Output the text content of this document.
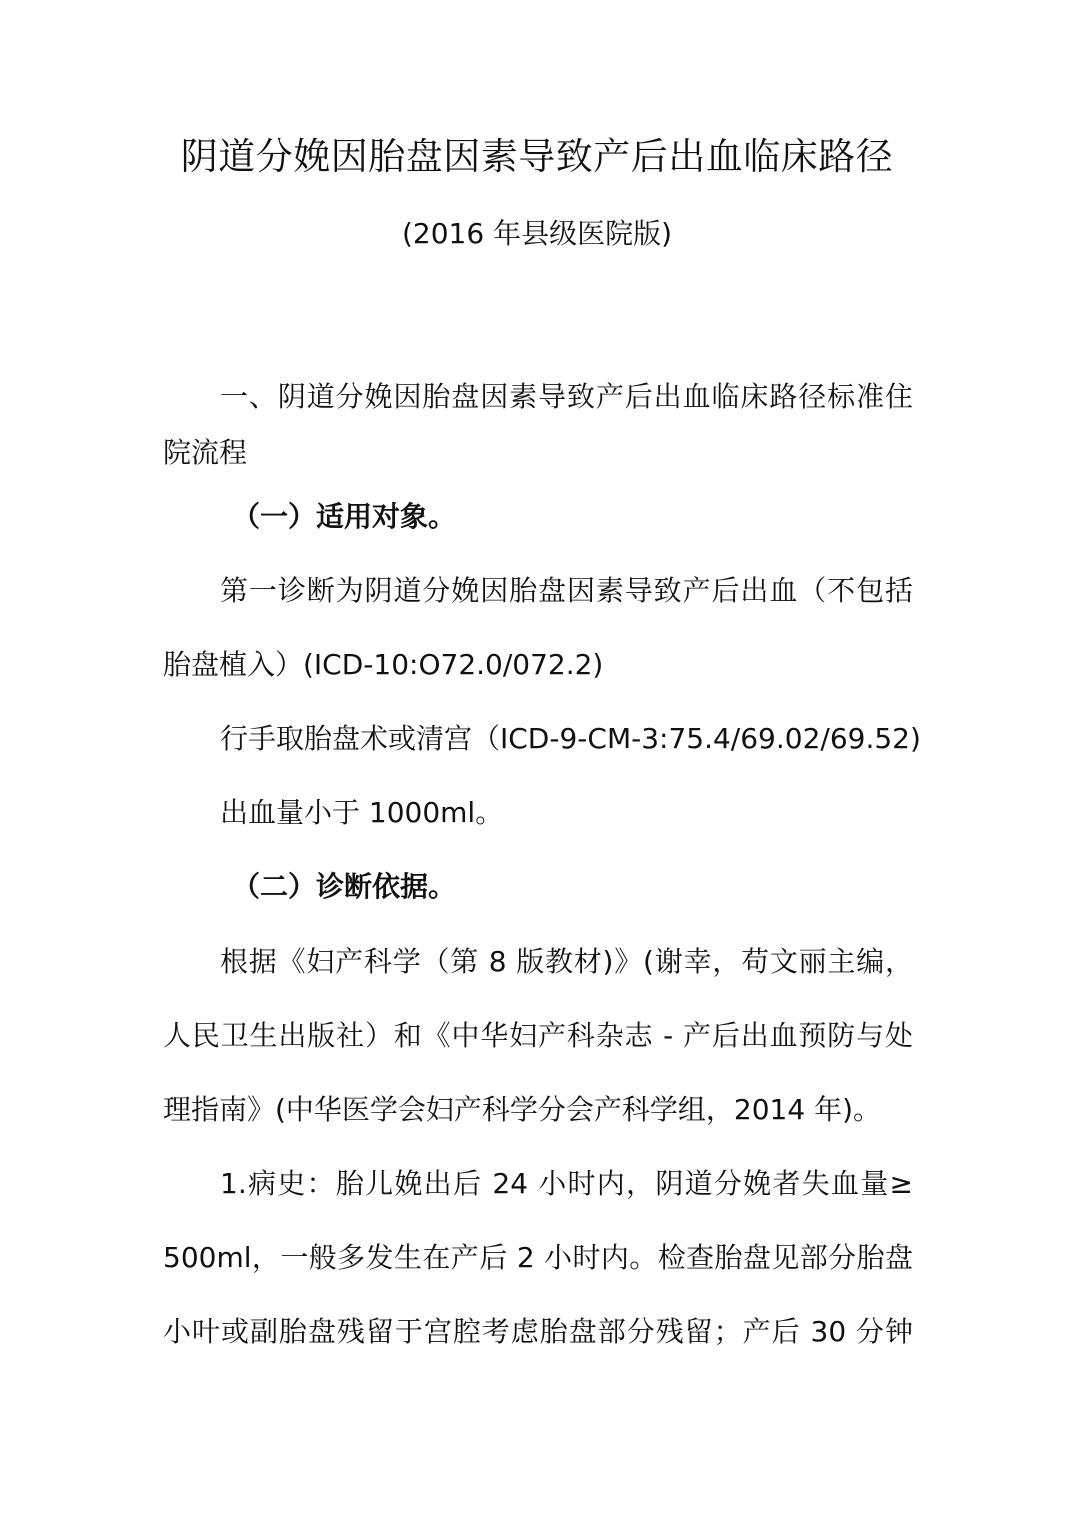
阴道分娩因胎盘因素导致产后出血临床路径
(2016 年县级医院版)
一、阴道分娩因胎盘因素导致产后出血临床路径标准住
院流程
（一）适用对象。
第一诊断为阴道分娩因胎盘因素导致产后出血（不包括
胎盘植入）(ICD-10:O72.0/072.2)
行手取胎盘术或清宫（ICD-9-CM-3:75.4/69.02/69.52)
出血量小于 1000ml。
（二）诊断依据。
根据《妇产科学（第 8 版教材)》(谢幸，苟文丽主编，
人民卫生出版社）和《中华妇产科杂志 - 产后出血预防与处
理指南》(中华医学会妇产科学分会产科学组，2014 年)。
1.病史：胎儿娩出后 24 小时内，阴道分娩者失血量≥
500ml，一般多发生在产后 2 小时内。检查胎盘见部分胎盘
小叶或副胎盘残留于宫腔考虑胎盘部分残留；产后 30 分钟
